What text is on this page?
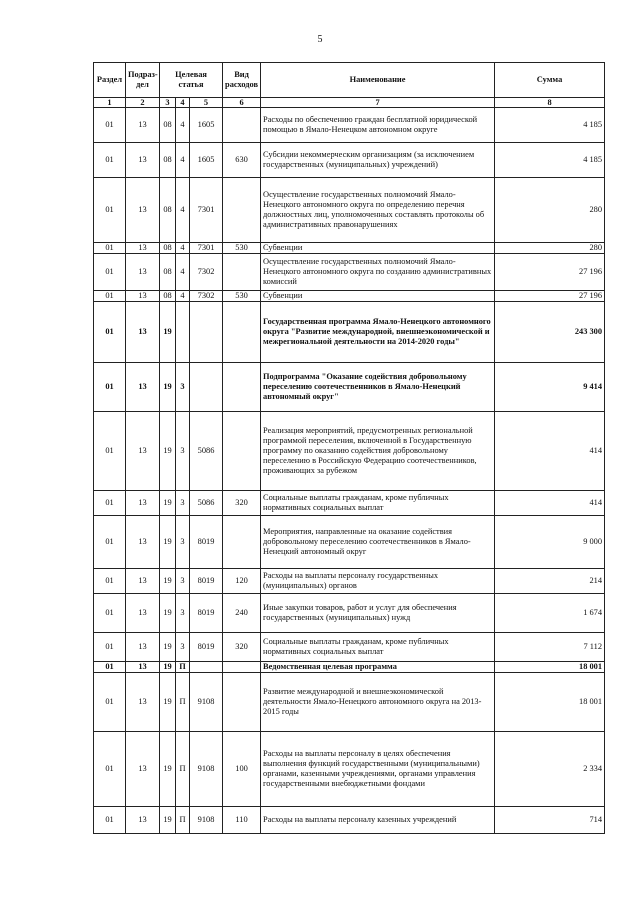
5
Раздел	Подраз-дел	Целевая статья			Вид расходов	Наименование	Сумма
1	2	3	4	5	6	7	8
01	13	08	4	1605		Расходы по обеспечению граждан бесплатной юридической помощью в Ямало-Ненецком автономном округе	4 185
01	13	08	4	1605	630	Субсидии некоммерческим организациям (за исключением государственных (муниципальных) учреждений)	4 185
01	13	08	4	7301		Осуществление государственных полномочий Ямало-Ненецкого автономного округа по определению перечня должностных лиц, уполномоченных составлять протоколы об административных правонарушениях	280
01	13	08	4	7301	530	Субвенции	280
01	13	08	4	7302		Осуществление государственных полномочий Ямало-Ненецкого автономного округа по созданию административных комиссий	27 196
01	13	08	4	7302	530	Субвенции	27 196
01	13	19				Государственная программа Ямало-Ненецкого автономного округа "Развитие международной, внешнеэкономической и межрегиональной деятельности на 2014-2020 годы"	243 300
01	13	19	3			Подпрограмма "Оказание содействия добровольному переселению соотечественников в Ямало-Ненецкий автономный округ"	9 414
01	13	19	3	5086		Реализация мероприятий, предусмотренных региональной программой переселения, включенной в Государственную программу по оказанию содействия добровольному переселению в Российскую Федерацию соотечественников, проживающих за рубежом	414
01	13	19	3	5086	320	Социальные выплаты гражданам, кроме публичных нормативных социальных выплат	414
01	13	19	3	8019		Мероприятия, направленные на оказание содействия добровольному переселению соотечественников в Ямало-Ненецкий автономный округ	9 000
01	13	19	3	8019	120	Расходы на выплаты персоналу государственных (муниципальных) органов	214
01	13	19	3	8019	240	Иные закупки товаров, работ и услуг для обеспечения государственных (муниципальных) нужд	1 674
01	13	19	3	8019	320	Социальные выплаты гражданам, кроме публичных нормативных социальных выплат	7 112
01	13	19	П			Ведомственная целевая программа	18 001
01	13	19	П	9108		Развитие международной и внешнеэкономической деятельности Ямало-Ненецкого автономного округа на 2013-2015 годы	18 001
01	13	19	П	9108	100	Расходы на выплаты персоналу в целях обеспечения выполнения функций государственными (муниципальными) органами, казенными учреждениями, органами управления государственными внебюджетными фондами	2 334
01	13	19	П	9108	110	Расходы на выплаты персоналу казенных учреждений	714
